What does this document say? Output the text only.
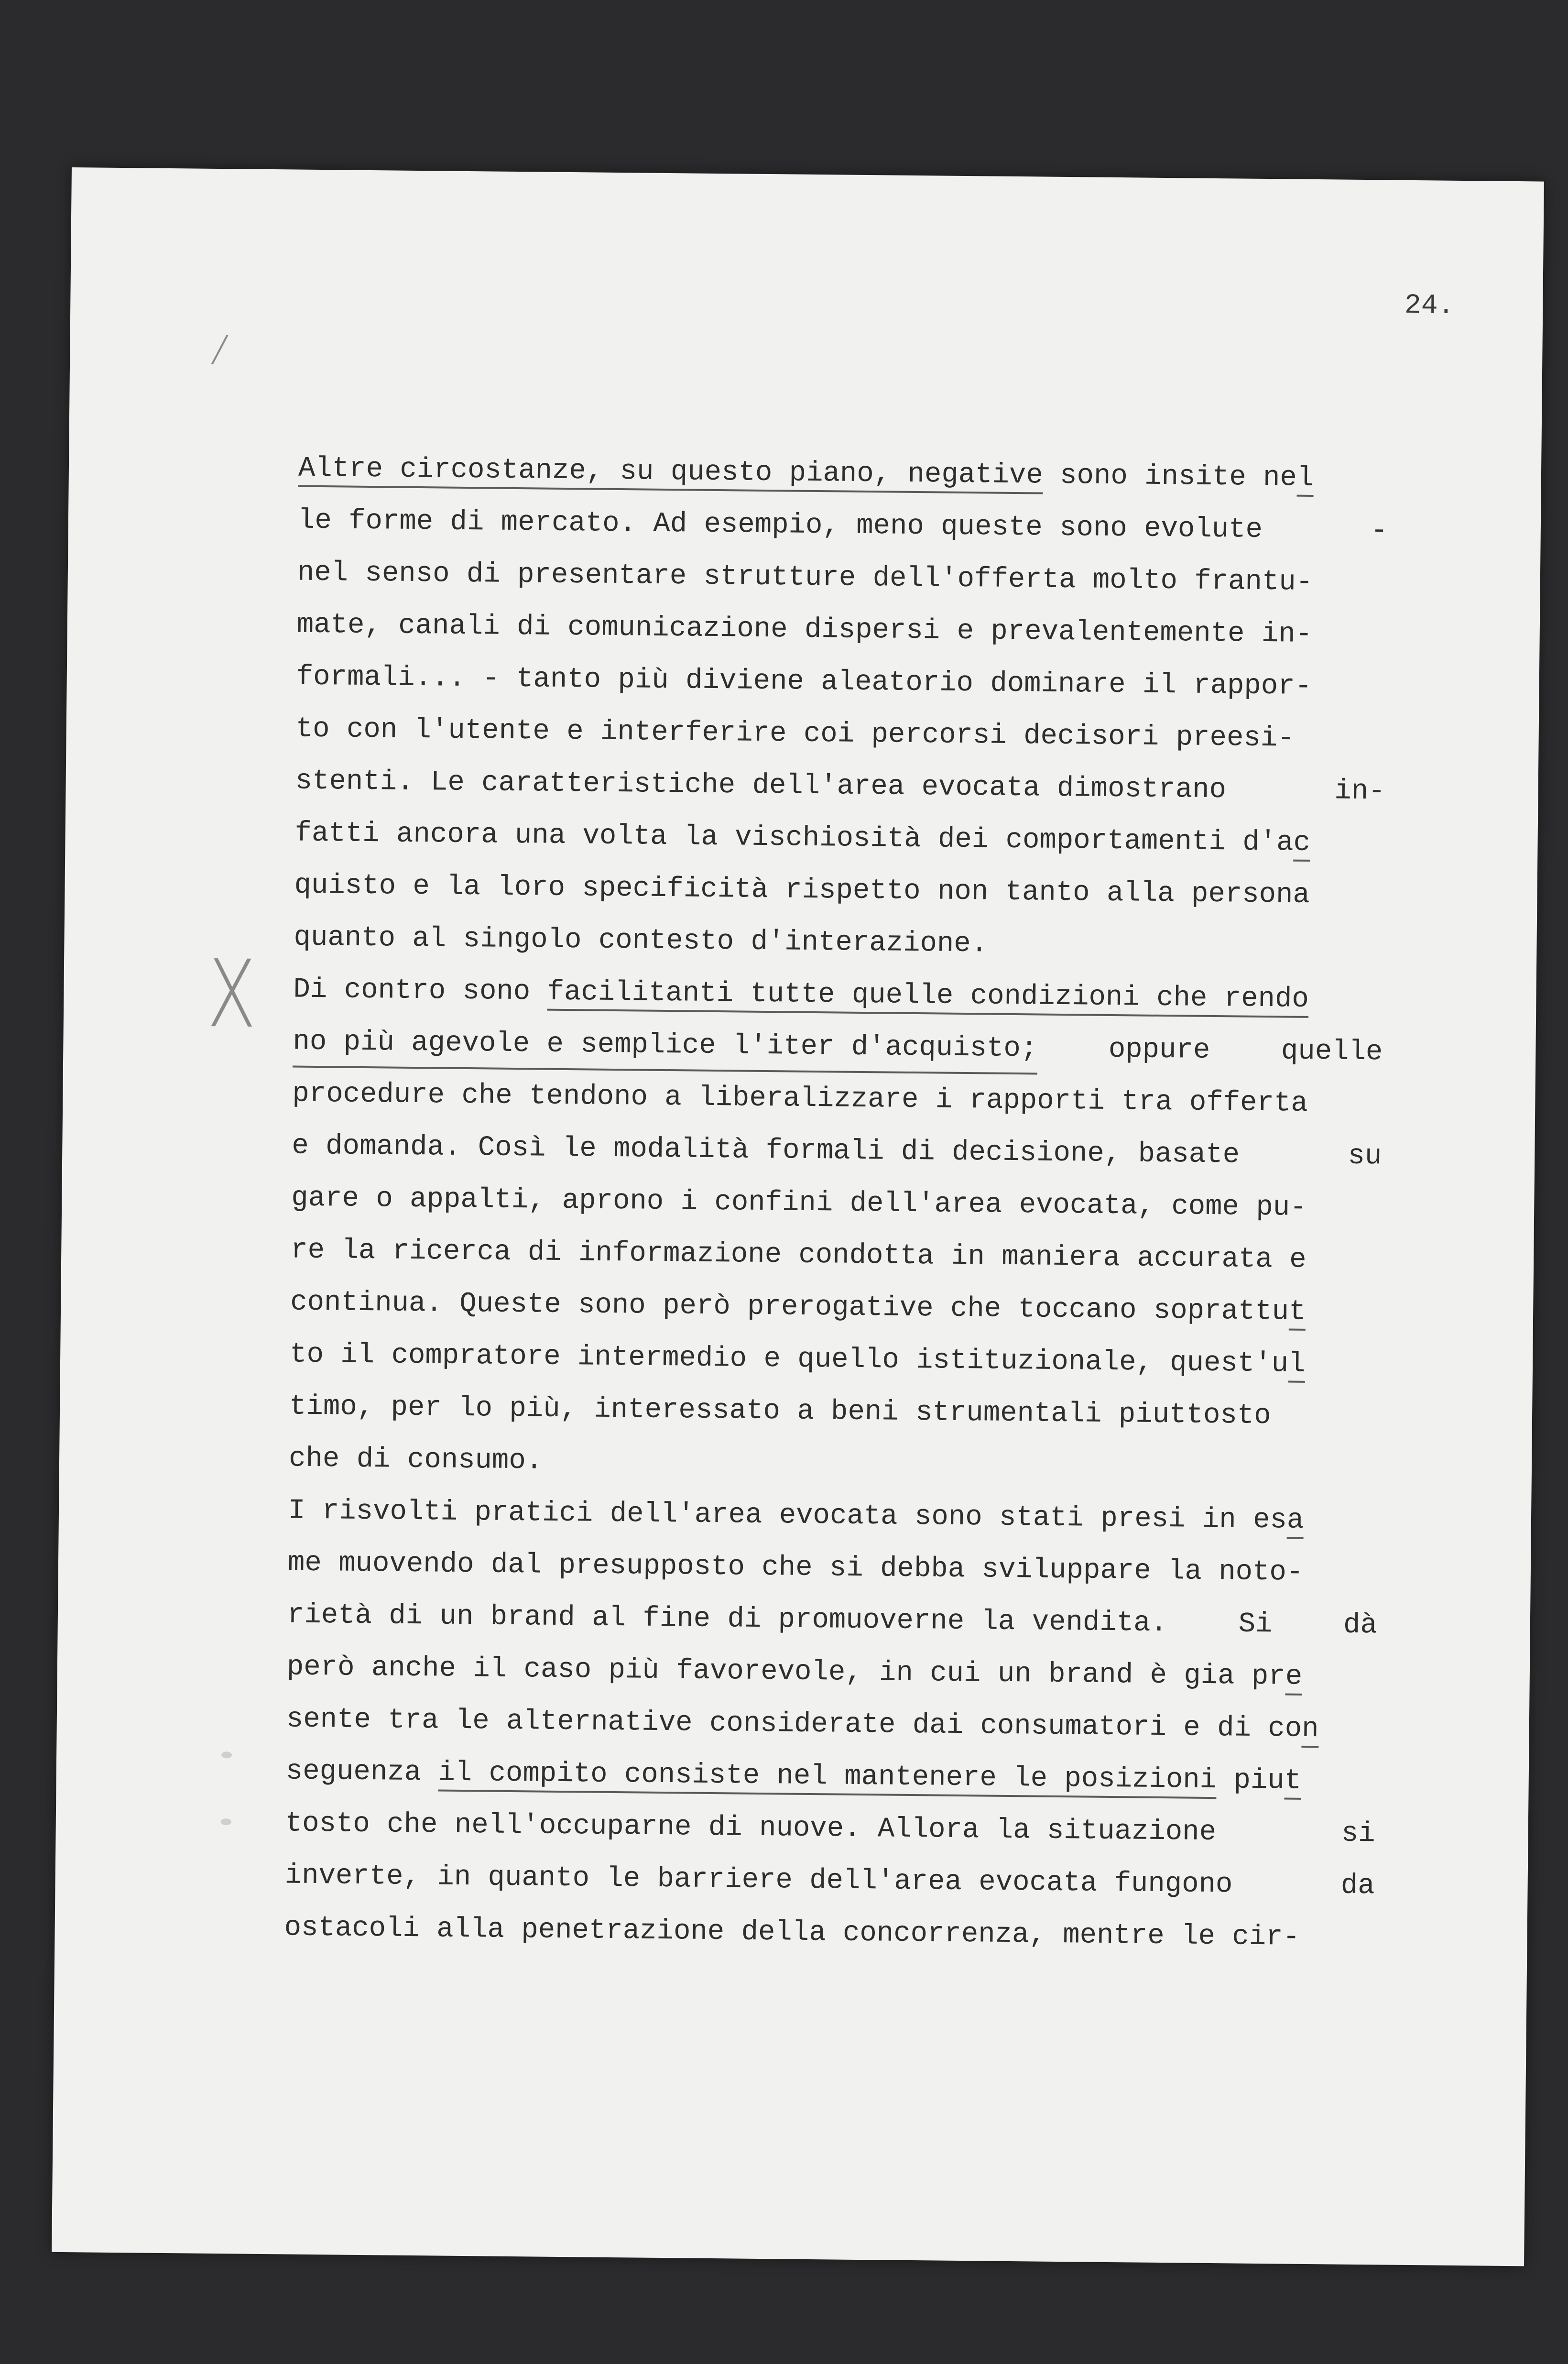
24.
/
X
Altre circostanze, su questo piano, negative sono insite nel
le forme di mercato. Ad esempio, meno queste sono evolute	-
nel senso di presentare strutture dell'offerta molto frantu-
mate, canali di comunicazione dispersi e prevalentemente in-
formali... - tanto più diviene aleatorio dominare il rappor-
to con l'utente e interferire coi percorsi decisori preesi-
stenti. Le caratteristiche dell'area evocata dimostrano	in-
fatti ancora una volta la vischiosità dei comportamenti d'ac
quisto e la loro specificità rispetto non tanto alla persona
quanto al singolo contesto d'interazione.
Di contro sono facilitanti tutte quelle condizioni che rendo
no più agevole e semplice l'iter d'acquisto;	oppure	quelle
procedure che tendono a liberalizzare i rapporti tra offerta
e domanda. Così le modalità formali di decisione, basate	su
gare o appalti, aprono i confini dell'area evocata, come pu-
re la ricerca di informazione condotta in maniera accurata e
continua. Queste sono però prerogative che toccano soprattut
to il compratore intermedio e quello istituzionale, quest'ul
timo, per lo più, interessato a beni strumentali piuttosto
che di consumo.
I risvolti pratici dell'area evocata sono stati presi in esa
me muovendo dal presupposto che si debba sviluppare la noto-
rietà di un brand al fine di promuoverne la vendita.	Si	dà
però anche il caso più favorevole, in cui un brand è gia pre
sente tra le alternative considerate dai consumatori e di con
seguenza il compito consiste nel mantenere le posizioni piut
tosto che nell'occuparne di nuove. Allora la situazione	si
inverte, in quanto le barriere dell'area evocata fungono	da
ostacoli alla penetrazione della concorrenza, mentre le cir-
